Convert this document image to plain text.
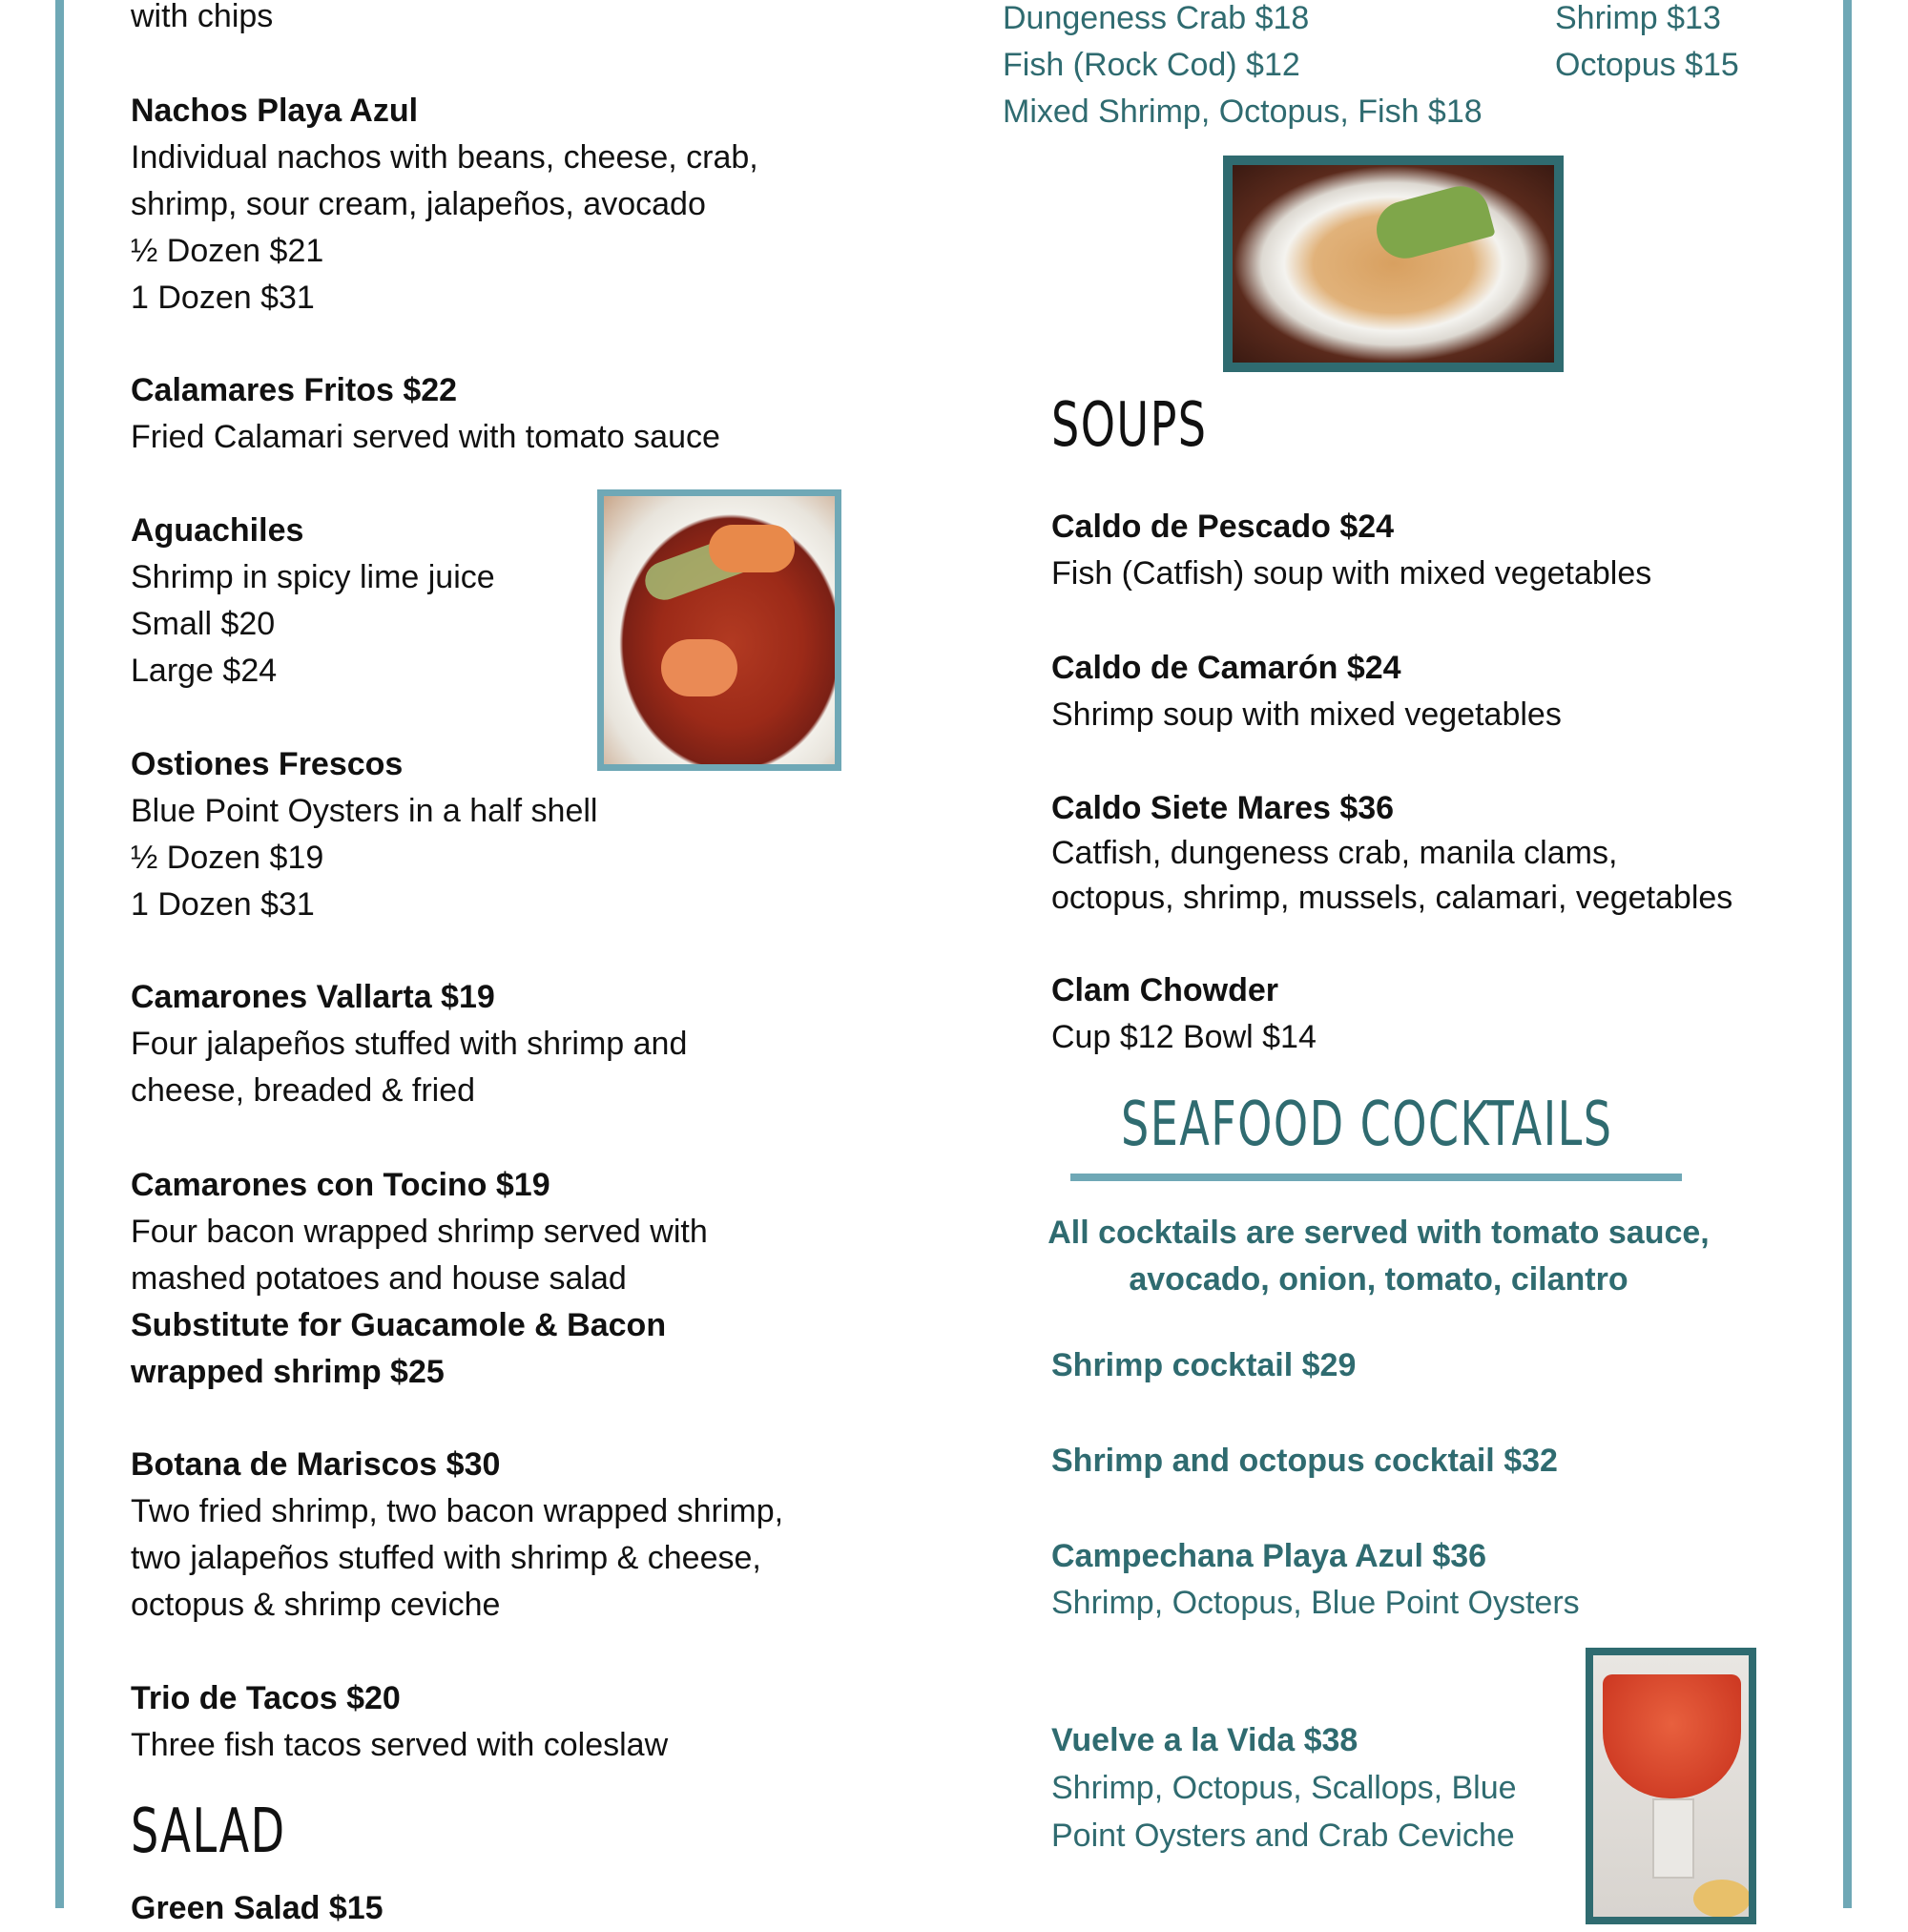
with chips
Nachos Playa Azul
Individual nachos with beans, cheese, crab,
shrimp, sour cream, jalapeños, avocado
½ Dozen $21
1 Dozen $31
Calamares Fritos $22
Fried Calamari served with tomato sauce
Aguachiles
Shrimp in spicy lime juice
Small $20
Large $24
Ostiones Frescos
Blue Point Oysters in a half shell
½ Dozen $19
1 Dozen $31
Camarones Vallarta $19
Four jalapeños stuffed with shrimp and
cheese, breaded & fried
Camarones con Tocino $19
Four bacon wrapped shrimp served with
mashed potatoes and house salad
Substitute for Guacamole & Bacon
wrapped shrimp $25
Botana de Mariscos $30
Two fried shrimp, two bacon wrapped shrimp,
two jalapeños stuffed with shrimp & cheese,
octopus & shrimp ceviche
Trio de Tacos $20
Three fish tacos served with coleslaw
SALAD
Green Salad $15
Dungeness Crab $18
Fish (Rock Cod) $12
Mixed Shrimp, Octopus, Fish $18
Shrimp $13
Octopus $15
SOUPS
Caldo de Pescado $24
Fish (Catfish) soup with mixed vegetables
Caldo de Camarón $24
Shrimp soup with mixed vegetables
Caldo Siete Mares $36
Catfish, dungeness crab, manila clams,
octopus, shrimp, mussels, calamari, vegetables
Clam Chowder
Cup $12 Bowl $14
SEAFOOD COCKTAILS
All cocktails are served with tomato sauce,
avocado, onion, tomato, cilantro
Shrimp cocktail $29
Shrimp and octopus cocktail $32
Campechana Playa Azul $36
Shrimp, Octopus, Blue Point Oysters
Vuelve a la Vida $38
Shrimp, Octopus, Scallops, Blue
Point Oysters and Crab Ceviche
